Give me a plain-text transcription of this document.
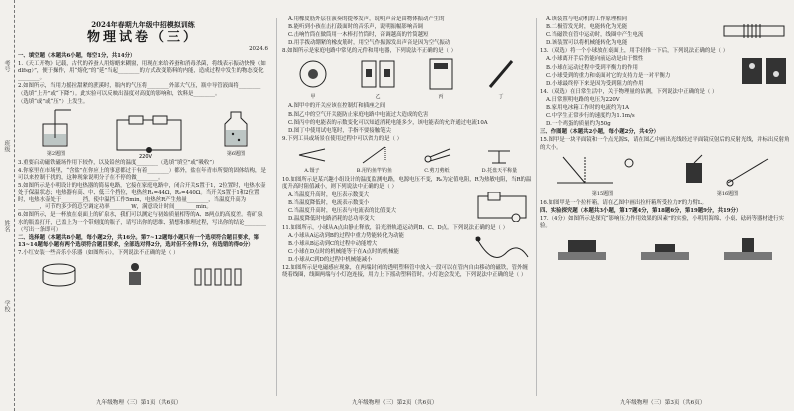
考号
班级
姓名
学校
2024年春期九年级中招模拟训练
物理试卷（三）
2024.6

一、填空题（本题共6小题，每空1分，共14分）

1.《天工开物》记载，古代的养蚕人用熔蜡来糊窗，用现在来给养蚕和消毒杀菌，将线表示振动快慢（如dlfsg）”，便于操作，用“熔化”的“延”当起________的方式改变筋料的内能，造成过程中发生的物态变化________。

2.如图所示，当用力摇拉甜紧的蔗溪时，瓶内的气压将________外部大气压，瓶中导管液面将________（选填“上升”或“下降”）。此实验可以反映出湿度对高度的影响和，饮料是________。

（选填“或”或“压”）上发生。

第2题图
220V
第6题图

3.重要启动磁铁磁场作用下较作，以及铅丝的温度________（选填“填空”或“吸收”）

4.你家里在市场里，“含盐”在你应上的事意都过于有着________）都外，盐在年青市所要的固体结构，是可以来控制干扰的，这种现象说明分子在不停的做________。

5.如图所示是小明设计的电热器的简易电路，它接在家庭电路中，闭合开关S置于1，2位置时，电热水壶处于保温状态；电热器有高、中、低三个挡位，电热丝R₁=44Ω，R₂=440Ω。当开关S置于1和2位置时，电热水壶处于________挡，使中温挡工作5min，电热丝R产生热量________，当温度升高为________，可节约多少的总空调定功率________W，满意设计时间________min。

6.如图所示，是一杯放在桌面上的矿泉水，我们可以测定与初始质量相等的A、B两点的高度差。将矿泉水的瓶盖打开，已盖上为一个带刻度的瓶子，请写出你的思维、猜想和推理过程，写出你的结论________（写出一条即可）

二、选择题（本题共8小题，每小题2分，共16分。第7~12题每小题只有一个选项符合题目要求，第13~14题每小题有两个选项符合题目要求，全部选对得2分，选对但不全得1分，有选错的得0分）

7.小红安装一些音乐小乐器（如图所示），下列说法不正确的是（ ）

A.用橡皮筋外层在演奏的提琴发声，说明声音是由物体振动产生的

B.能听到小孩在击打鼓面时的音乐声，说明振幅影响音调

C.击响竹筒在做筒用一木棒打竹筒时，音调越高的竹筒越短

D.用手拨动绷紧的橡皮筋时，用空气作振源发出声音是因为空气振动

8.如图所示是家庭电路中常见的元件和用电器，下列说法不正确的是（ ）

甲	乙	丙	丁

A.图甲中的开关应该在控制灯和插座之间

B.图乙中的空气开关能防止家庭电路中电流过大造成的危害

C.图丙中的电能表的示数变化可以知道消耗电能多少，该电能表的允许通过电流10A

D.图丁中使用试电笔时，手指不要接触笔尖

9.下列工具或场景在使用过程中可以省力的是（ ）

A.镊子	B.用钓鱼竿钓鱼	C.剪刀剪纸	D.托盘天平称量

10.如图所示是某兴趣小组设计的温度监测电路，电源电压不变，R₀为定值电阻，R为热敏电阻，当R的温度升高时阻值减小，则下列说法中正确的是（ ）

A.当温度升高时，电压表示数变大

B.当温度降低时，电流表示数变小

C.当温度升高时，电压表与电流表的比值变大

D.温度降低时电路消耗的总功率变大

11.如图所示，小球从A点由静止释放，沿光滑轨道运动到B、C、D点。下列说法正确的是（ ）

A.小球从A运动到B的过程中重力势能转化为动能

B.小球从B运动到C的过程中动能增大

C.小球在D点时的机械能等于在A点时的机械能

D.小球从C到D的过程中机械能减小

12.如图所示是电磁感应现象，在两端封闭的透明塑料管中放入一段可以在管内自由移动的磁铁，管外缠绕着线圈，线圈两端与小灯泡连接，用力上下摇动塑料管时，小灯泡会发光，下列说法中正确的是（ ）

A.该装置与电动机的工作原理相同

B.二极管发光时，电能转化为光能

C.当磁铁在管中运动时，线圈中产生电流

D.该装置可以将机械能转化为电能

13.（双选）将一个小球放在桌面上，用手轻推一下后，下列说法正确的是（ ）

A.小球离开手后仍能向前运动是由于惯性

B.小球在运动过程中受到平衡力的作用

C.小球受到的重力和桌面对它的支持力是一对平衡力

D.小球最终停下来是因为受到阻力的作用

14.（双选）在日常生活中，关于物理量的估测，下列说法中正确的是（ ）

A.日常照明电路的电压为220V

B.家用电冰箱工作时的电流约为1A

C.中学生正常步行的速度约为1.1m/s

D.一个鸡蛋的质量约为50g

三、作图题（本题共2小题，每小题2分，共4分）

15.图甲是一块平面镜和一个点光源S，请在图乙中画出光线经过平面镜反射后的反射光线，并标出反射角的大小。

第15题图	第16题图

16.如图甲是一个拉杆箱，请在乙图中画出拉杆箱所受拉力F的力臂L。

四、实验探究题（本题共3小题，第17题4分，第18题6分，第19题9分，共19分）

17.（4分）如图所示是探究“影响压力作用效果的因素”的实验，小明用海绵、小桌、砝码等器材进行实验。

九年级物理（三）第1页（共6页）	九年级物理（三）第2页（共6页）	九年级物理（三）第3页（共6页）
